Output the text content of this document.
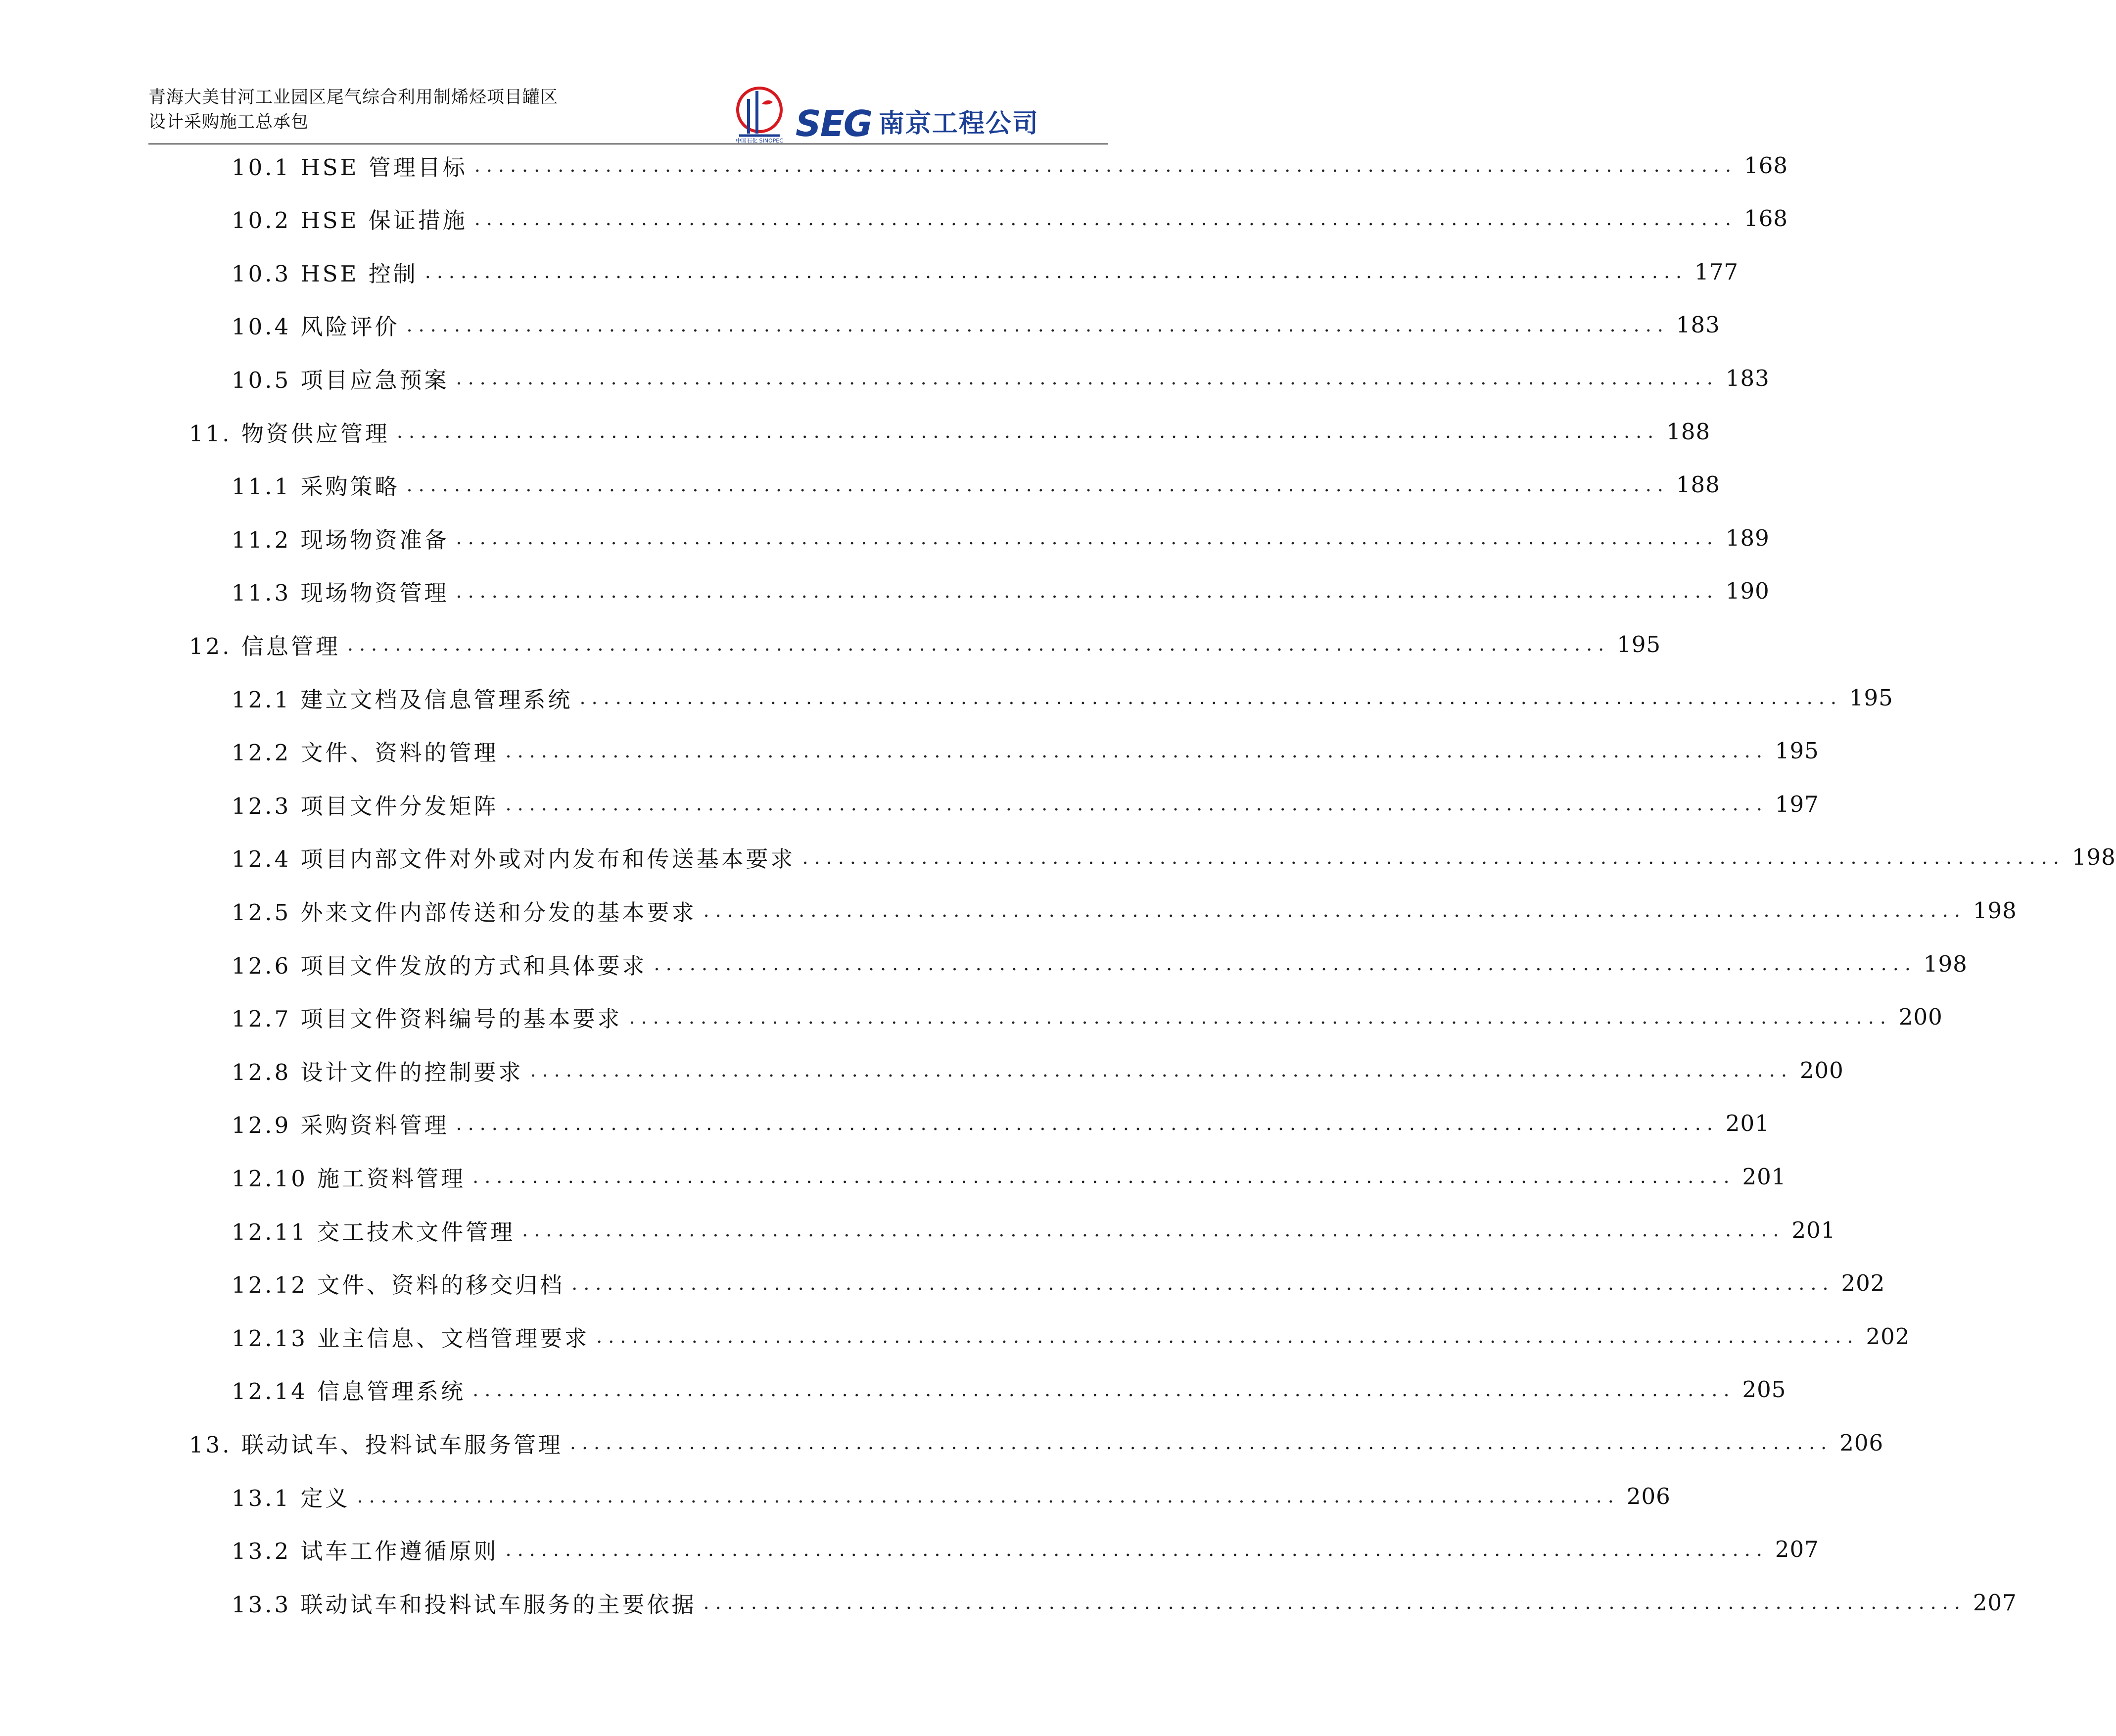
青海大美甘河工业园区尾气综合利用制烯烃项目罐区
设计采购施工总承包
中国石化 SINOPEC SEG 南京工程公司
10.1 HSE 管理目标 .......................................................................................................... 168
10.2 HSE 保证措施 .......................................................................................................... 168
10.3 HSE 控制 .......................................................................................................... 177
10.4 风险评价 .......................................................................................................... 183
10.5 项目应急预案 .......................................................................................................... 183
11. 物资供应管理 .......................................................................................................... 188
11.1 采购策略 .......................................................................................................... 188
11.2 现场物资准备 .......................................................................................................... 189
11.3 现场物资管理 .......................................................................................................... 190
12. 信息管理 .......................................................................................................... 195
12.1 建立文档及信息管理系统 .......................................................................................................... 195
12.2 文件、资料的管理 .......................................................................................................... 195
12.3 项目文件分发矩阵 .......................................................................................................... 197
12.4 项目内部文件对外或对内发布和传送基本要求 .......................................................................................................... 198
12.5 外来文件内部传送和分发的基本要求 .......................................................................................................... 198
12.6 项目文件发放的方式和具体要求 .......................................................................................................... 198
12.7 项目文件资料编号的基本要求 .......................................................................................................... 200
12.8 设计文件的控制要求 .......................................................................................................... 200
12.9 采购资料管理 .......................................................................................................... 201
12.10 施工资料管理 .......................................................................................................... 201
12.11 交工技术文件管理 .......................................................................................................... 201
12.12 文件、资料的移交归档 .......................................................................................................... 202
12.13 业主信息、文档管理要求 .......................................................................................................... 202
12.14 信息管理系统 .......................................................................................................... 205
13. 联动试车、投料试车服务管理 .......................................................................................................... 206
13.1 定义 .......................................................................................................... 206
13.2 试车工作遵循原则 .......................................................................................................... 207
13.3 联动试车和投料试车服务的主要依据 .......................................................................................................... 207
